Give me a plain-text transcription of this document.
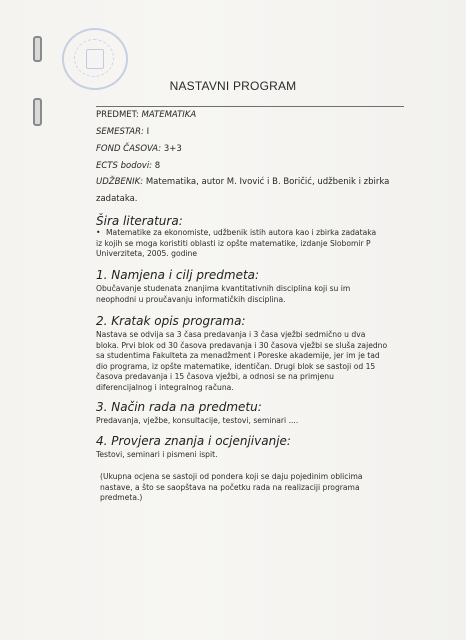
NASTAVNI PROGRAM
PREDMET: MATEMATIKA
SEMESTAR: I
FOND ČASOVA: 3+3
ECTS bodovi: 8
UDŽBENIK: Matematika, autor M. Ivović i B. Boričić, udžbenik i zbirka
zadataka.
Šira literatura:
• Matematike za ekonomiste, udžbenik istih autora kao i zbirka zadataka
iz kojih se moga koristiti oblasti iz opšte matematike, izdanje Slobomir P
Univerziteta, 2005. godine
1. Namjena i cilj predmeta:
Obučavanje studenata znanjima kvantitativnih disciplina koji su im
neophodni u proučavanju informatičkih disciplina.
2. Kratak opis programa:
Nastava se odvija sa 3 časa predavanja i 3 časa vježbi sedmično u dva
bloka. Prvi blok od 30 časova predavanja i 30 časova vježbi se sluša zajedno
sa studentima Fakulteta za menadžment i Poreske akademije, jer im je tad
dio programa, iz opšte matematike, identičan. Drugi blok se sastoji od 15
časova predavanja i 15 časova vježbi, a odnosi se na primjenu
diferencijalnog i integralnog računa.
3. Način rada na predmetu:
Predavanja, vježbe, konsultacije, testovi, seminari ....
4. Provjera znanja i ocjenjivanje:
Testovi, seminari i pismeni ispit.
(Ukupna ocjena se sastoji od pondera koji se daju pojedinim oblicima
nastave, a što se saopštava na početku rada na realizaciji programa
predmeta.)
